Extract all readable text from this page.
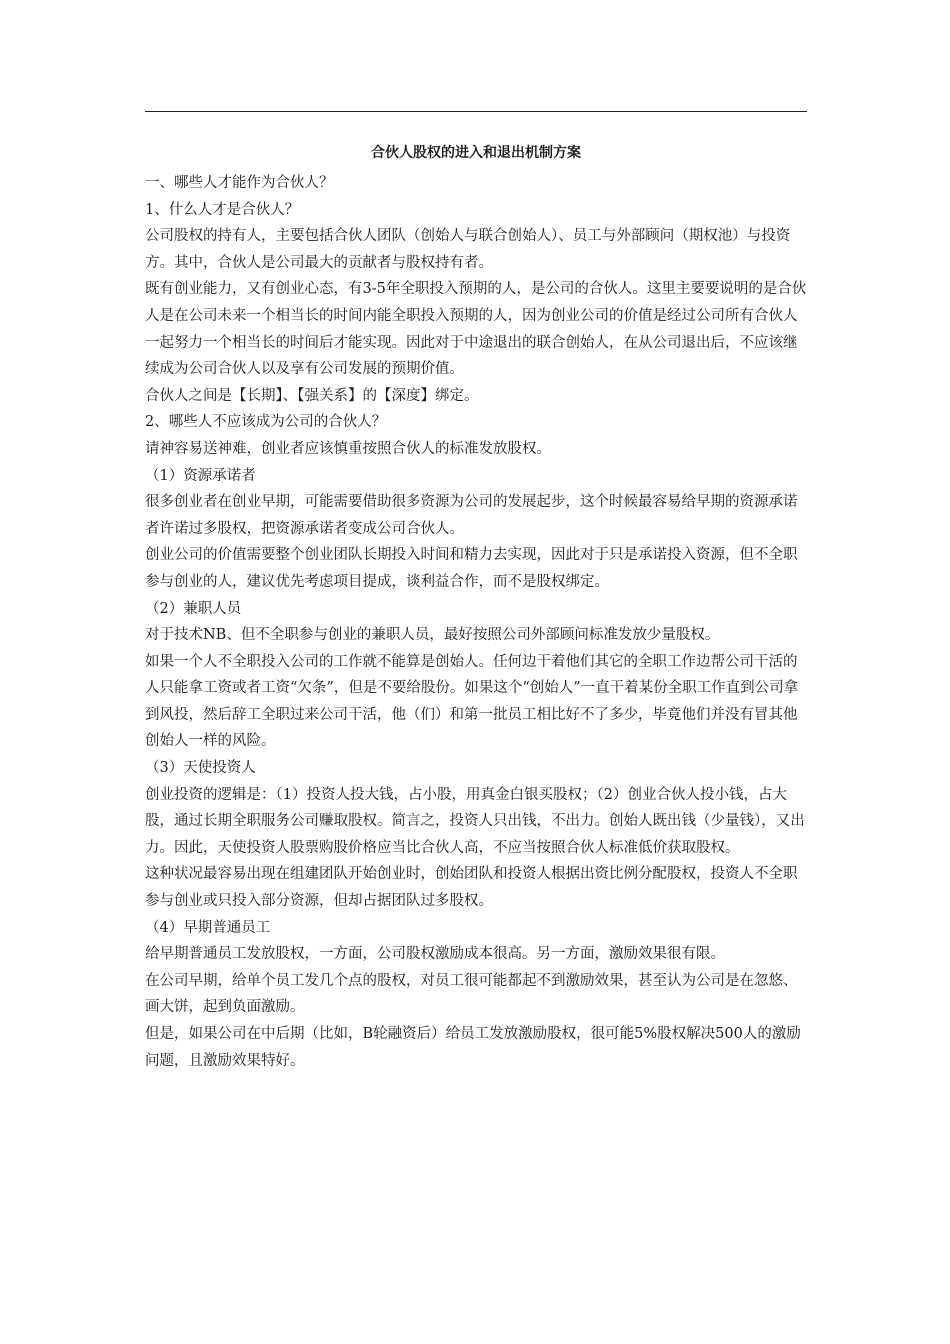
合伙人股权的进入和退出机制方案

一、哪些人才能作为合伙人？

1、什么人才是合伙人？

公司股权的持有人，主要包括合伙人团队（创始人与联合创始人）、员工与外部顾问（期权池）与投资方。其中，合伙人是公司最大的贡献者与股权持有者。

既有创业能力，又有创业心态，有3-5年全职投入预期的人，是公司的合伙人。这里主要要说明的是合伙人是在公司未来一个相当长的时间内能全职投入预期的人，因为创业公司的价值是经过公司所有合伙人一起努力一个相当长的时间后才能实现。因此对于中途退出的联合创始人，在从公司退出后，不应该继续成为公司合伙人以及享有公司发展的预期价值。

合伙人之间是【长期】、【强关系】的【深度】绑定。

2、哪些人不应该成为公司的合伙人？

请神容易送神难，创业者应该慎重按照合伙人的标准发放股权。

（1）资源承诺者

很多创业者在创业早期，可能需要借助很多资源为公司的发展起步，这个时候最容易给早期的资源承诺者许诺过多股权，把资源承诺者变成公司合伙人。

创业公司的价值需要整个创业团队长期投入时间和精力去实现，因此对于只是承诺投入资源，但不全职参与创业的人，建议优先考虑项目提成，谈利益合作，而不是股权绑定。

（2）兼职人员

对于技术NB、但不全职参与创业的兼职人员，最好按照公司外部顾问标准发放少量股权。

如果一个人不全职投入公司的工作就不能算是创始人。任何边干着他们其它的全职工作边帮公司干活的人只能拿工资或者工资“欠条”，但是不要给股份。如果这个“创始人”一直干着某份全职工作直到公司拿到风投，然后辞工全职过来公司干活，他（们）和第一批员工相比好不了多少，毕竟他们并没有冒其他创始人一样的风险。

（3）天使投资人

创业投资的逻辑是：（1）投资人投大钱，占小股，用真金白银买股权；（2）创业合伙人投小钱，占大股，通过长期全职服务公司赚取股权。简言之，投资人只出钱，不出力。创始人既出钱（少量钱），又出力。因此，天使投资人股票购股价格应当比合伙人高，不应当按照合伙人标准低价获取股权。

这种状况最容易出现在组建团队开始创业时，创始团队和投资人根据出资比例分配股权，投资人不全职参与创业或只投入部分资源，但却占据团队过多股权。

（4）早期普通员工

给早期普通员工发放股权，一方面，公司股权激励成本很高。另一方面，激励效果很有限。

在公司早期，给单个员工发几个点的股权，对员工很可能都起不到激励效果，甚至认为公司是在忽悠、画大饼，起到负面激励。

但是，如果公司在中后期（比如，B轮融资后）给员工发放激励股权，很可能5%股权解决500人的激励问题，且激励效果特好。
